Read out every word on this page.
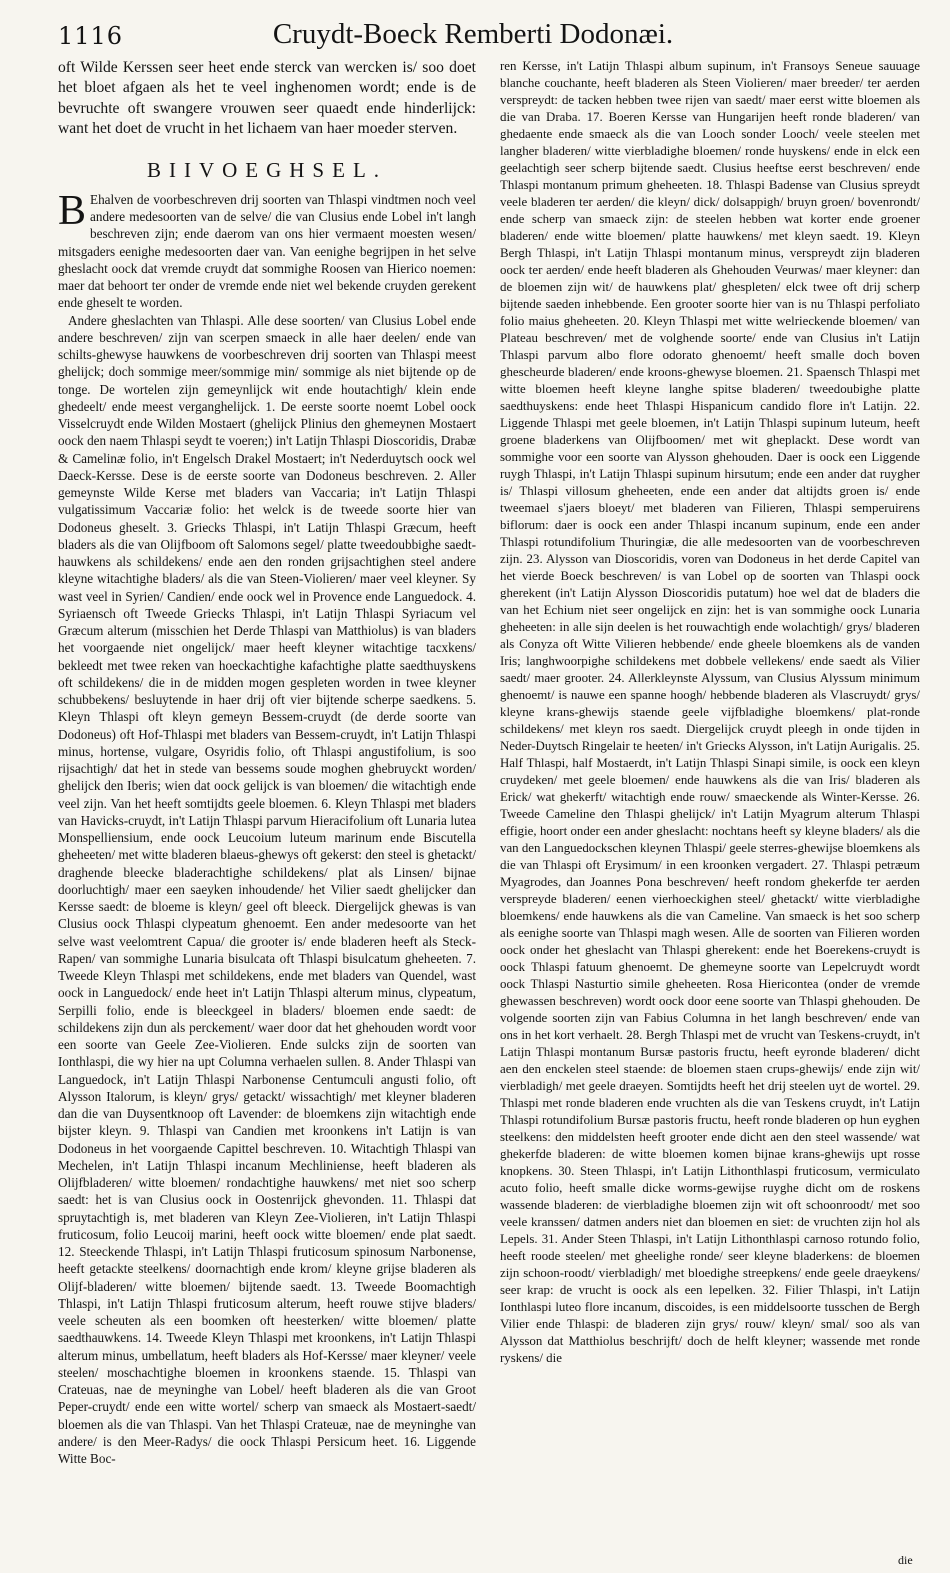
1116	Cruydt-Boeck Remberti Dodonæi.

oft Wilde Kerssen seer heet ende sterck van wercken is/ soo doet het bloet afgaen als het te veel inghenomen wordt; ende is de bevruchte oft swangere vrouwen seer quaedt ende hinderlijck: want het doet de vrucht in het lichaem van haer moeder sterven.

BIIVOEGHSEL.

B Ehalven de voorbeschreven drij soorten van Thlaspi vindtmen noch veel andere medesoorten van de selve/ die van Clusius ende Lobel in't langh beschreven zijn; ende daerom van ons hier vermaent moesten wesen/ mitsgaders eenighe medesoorten daer van. Van eenighe begrijpen in het selve gheslacht oock dat vremde cruydt dat sommighe Roosen van Hierico noemen: maer dat behoort ter onder de vremde ende niet wel bekende cruyden gerekent ende gheselt te worden.

Andere gheslachten van Thlaspi. Alle dese soorten/ van Clusius Lobel ende andere beschreven/ zijn van scerpen smaeck in alle haer deelen/ ende van schilts-ghewyse hauwkens de voorbeschreven drij soorten van Thlaspi meest ghelijck; doch sommige meer/sommige min/ sommige als niet bijtende op de tonge. De wortelen zijn gemeynlijck wit ende houtachtigh/ klein ende ghedeelt/ ende meest verganghelijck. 1. De eerste soorte noemt Lobel oock Visselcruydt ende Wilden Mostaert (ghelijck Plinius den ghemeynen Mostaert oock den naem Thlaspi seydt te voeren;) in't Latijn Thlaspi Dioscoridis, Drabæ & Camelinæ folio, in't Engelsch Drakel Mostaert; in't Nederduytsch oock wel Daeck-Kersse. Dese is de eerste soorte van Dodoneus beschreven. 2. Aller gemeynste Wilde Kerse met bladers van Vaccaria; in't Latijn Thlaspi vulgatissimum Vaccariæ folio: het welck is de tweede soorte hier van Dodoneus gheselt. 3. Griecks Thlaspi, in't Latijn Thlaspi Græcum, heeft bladers als die van Olijfboom oft Salomons segel/ platte tweedoubbighe saedt-hauwkens als schildekens/ ende aen den ronden grijsachtighen steel andere kleyne witachtighe bladers/ als die van Steen-Violieren/ maer veel kleyner. Sy wast veel in Syrien/ Candien/ ende oock wel in Provence ende Languedock. 4. Syriaensch oft Tweede Griecks Thlaspi, in't Latijn Thlaspi Syriacum vel Græcum alterum (misschien het Derde Thlaspi van Matthiolus) is van bladers het voorgaende niet ongelijck/ maer heeft kleyner witachtige tacxkens/ bekleedt met twee reken van hoeckachtighe kafachtighe platte saedthuyskens oft schildekens/ die in de midden mogen gespleten worden in twee kleyner schubbekens/ besluytende in haer drij oft vier bijtende scherpe saedkens. 5. Kleyn Thlaspi oft kleyn gemeyn Bessem-cruydt (de derde soorte van Dodoneus) oft Hof-Thlaspi met bladers van Bessem-cruydt, in't Latijn Thlaspi minus, hortense, vulgare, Osyridis folio, oft Thlaspi angustifolium, is soo rijsachtigh/ dat het in stede van bessems soude moghen ghebruyckt worden/ ghelijck den Iberis; wien dat oock gelijck is van bloemen/ die witachtigh ende veel zijn. Van het heeft somtijdts geele bloemen. 6. Kleyn Thlaspi met bladers van Havicks-cruydt, in't Latijn Thlaspi parvum Hieracifolium oft Lunaria lutea Monspelliensium, ende oock Leucoium luteum marinum ende Biscutella gheheeten/ met witte bladeren blaeus-ghewys oft gekerst: den steel is ghetackt/ draghende bleecke bladerachtighe schildekens/ plat als Linsen/ bijnae doorluchtigh/ maer een saeyken inhoudende/ het Vilier saedt ghelijcker dan Kersse saedt: de bloeme is kleyn/ geel oft bleeck. Diergelijck ghewas is van Clusius oock Thlaspi clypeatum ghenoemt. Een ander medesoorte van het selve wast veelomtrent Capua/ die grooter is/ ende bladeren heeft als Steck-Rapen/ van sommighe Lunaria bisulcata oft Thlaspi bisulcatum gheheeten. 7. Tweede Kleyn Thlaspi met schildekens, ende met bladers van Quendel, wast oock in Languedock/ ende heet in't Latijn Thlaspi alterum minus, clypeatum, Serpilli folio, ende is bleeckgeel in bladers/ bloemen ende saedt: de schildekens zijn dun als perckement/ waer door dat het ghehouden wordt voor een soorte van Geele Zee-Violieren. Ende sulcks zijn de soorten van Ionthlaspi, die wy hier na upt Columna verhaelen sullen. 8. Ander Thlaspi van Languedock, in't Latijn Thlaspi Narbonense Centumculi angusti folio, oft Alysson Italorum, is kleyn/ grys/ getackt/ wissachtigh/ met kleyner bladeren dan die van Duysentknoop oft Lavender: de bloemkens zijn witachtigh ende bijster kleyn. 9. Thlaspi van Candien met kroonkens in't Latijn is van Dodoneus in het voorgaende Capittel beschreven. 10. Witachtigh Thlaspi van Mechelen, in't Latijn Thlaspi incanum Mechliniense, heeft bladeren als Olijfbladeren/ witte bloemen/ rondachtighe hauwkens/ met niet soo scherp saedt: het is van Clusius oock in Oostenrijck ghevonden. 11. Thlaspi dat spruytachtigh is, met bladeren van Kleyn Zee-Violieren, in't Latijn Thlaspi fruticosum, folio Leucoij marini, heeft oock witte bloemen/ ende plat saedt. 12. Steeckende Thlaspi, in't Latijn Thlaspi fruticosum spinosum Narbonense, heeft getackte steelkens/ doornachtigh ende krom/ kleyne grijse bladeren als Olijf-bladeren/ witte bloemen/ bijtende saedt. 13. Tweede Boomachtigh Thlaspi, in't Latijn Thlaspi fruticosum alterum, heeft rouwe stijve bladers/ veele scheuten als een boomken oft heesterken/ witte bloemen/ platte saedthauwkens. 14. Tweede Kleyn Thlaspi met kroonkens, in't Latijn Thlaspi alterum minus, umbellatum, heeft bladers als Hof-Kersse/ maer kleyner/ veele steelen/ moschachtighe bloemen in kroonkens staende. 15. Thlaspi van Crateuas, nae de meyninghe van Lobel/ heeft bladeren als die van Groot Peper-cruydt/ ende een witte wortel/ scherp van smaeck als Mostaert-saedt/ bloemen als die van Thlaspi. Van het Thlaspi Crateuæ, nae de meyninghe van andere/ is den Meer-Radys/ die oock Thlaspi Persicum heet. 16. Liggende Witte Boc-

ren Kersse, in't Latijn Thlaspi album supinum, in't Fransoys Seneue sauuage blanche couchante, heeft bladeren als Steen Violieren/ maer breeder/ ter aerden verspreydt: de tacken hebben twee rijen van saedt/ maer eerst witte bloemen als die van Draba. 17. Boeren Kersse van Hungarijen heeft ronde bladeren/ van ghedaente ende smaeck als die van Looch sonder Looch/ veele steelen met langher bladeren/ witte vierbladighe bloemen/ ronde huyskens/ ende in elck een geelachtigh seer scherp bijtende saedt. Clusius heeftse eerst beschreven/ ende Thlaspi montanum primum gheheeten. 18. Thlaspi Badense van Clusius spreydt veele bladeren ter aerden/ die kleyn/ dick/ dolsappigh/ bruyn groen/ bovenrondt/ ende scherp van smaeck zijn: de steelen hebben wat korter ende groener bladeren/ ende witte bloemen/ platte hauwkens/ met kleyn saedt. 19. Kleyn Bergh Thlaspi, in't Latijn Thlaspi montanum minus, verspreydt zijn bladeren oock ter aerden/ ende heeft bladeren als Ghehouden Veurwas/ maer kleyner: dan de bloemen zijn wit/ de hauwkens plat/ ghespleten/ elck twee oft drij scherp bijtende saeden inhebbende. Een grooter soorte hier van is nu Thlaspi perfoliato folio maius gheheeten. 20. Kleyn Thlaspi met witte welrieckende bloemen/ van Plateau beschreven/ met de volghende soorte/ ende van Clusius in't Latijn Thlaspi parvum albo flore odorato ghenoemt/ heeft smalle doch boven ghescheurde bladeren/ ende kroons-ghewyse bloemen. 21. Spaensch Thlaspi met witte bloemen heeft kleyne langhe spitse bladeren/ tweedoubighe platte saedthuyskens: ende heet Thlaspi Hispanicum candido flore in't Latijn. 22. Liggende Thlaspi met geele bloemen, in't Latijn Thlaspi supinum luteum, heeft groene bladerkens van Olijfboomen/ met wit gheplackt. Dese wordt van sommighe voor een soorte van Alysson ghehouden. Daer is oock een Liggende ruygh Thlaspi, in't Latijn Thlaspi supinum hirsutum; ende een ander dat ruygher is/ Thlaspi villosum gheheeten, ende een ander dat altijdts groen is/ ende tweemael s'jaers bloeyt/ met bladeren van Filieren, Thlaspi semperuirens biflorum: daer is oock een ander Thlaspi incanum supinum, ende een ander Thlaspi rotundifolium Thuringiæ, die alle medesoorten van de voorbeschreven zijn. 23. Alysson van Dioscoridis, voren van Dodoneus in het derde Capitel van het vierde Boeck beschreven/ is van Lobel op de soorten van Thlaspi oock gherekent (in't Latijn Alysson Dioscoridis putatum) hoe wel dat de bladers die van het Echium niet seer ongelijck en zijn: het is van sommighe oock Lunaria gheheeten: in alle sijn deelen is het rouwachtigh ende wolachtigh/ grys/ bladeren als Conyza oft Witte Vilieren hebbende/ ende gheele bloemkens als de vanden Iris; langhwoorpighe schildekens met dobbele vellekens/ ende saedt als Vilier saedt/ maer grooter. 24. Allerkleynste Alyssum, van Clusius Alyssum minimum ghenoemt/ is nauwe een spanne hoogh/ hebbende bladeren als Vlascruydt/ grys/ kleyne krans-ghewijs staende geele vijfbladighe bloemkens/ plat-ronde schildekens/ met kleyn ros saedt. Diergelijck cruydt pleegh in onde tijden in Neder-Duytsch Ringelair te heeten/ in't Griecks Alysson, in't Latijn Aurigalis. 25. Half Thlaspi, half Mostaerdt, in't Latijn Thlaspi Sinapi simile, is oock een kleyn cruydeken/ met geele bloemen/ ende hauwkens als die van Iris/ bladeren als Erick/ wat ghekerft/ witachtigh ende rouw/ smaeckende als Winter-Kersse. 26. Tweede Cameline den Thlaspi ghelijck/ in't Latijn Myagrum alterum Thlaspi effigie, hoort onder een ander gheslacht: nochtans heeft sy kleyne bladers/ als die van den Languedockschen kleynen Thlaspi/ geele sterres-ghewijse bloemkens als die van Thlaspi oft Erysimum/ in een kroonken vergadert. 27. Thlaspi petræum Myagrodes, dan Joannes Pona beschreven/ heeft rondom ghekerfde ter aerden verspreyde bladeren/ eenen vierhoeckighen steel/ ghetackt/ witte vierbladighe bloemkens/ ende hauwkens als die van Cameline. Van smaeck is het soo scherp als eenighe soorte van Thlaspi magh wesen. Alle de soorten van Filieren worden oock onder het gheslacht van Thlaspi gherekent: ende het Boerekens-cruydt is oock Thlaspi fatuum ghenoemt. De ghemeyne soorte van Lepelcruydt wordt oock Thlaspi Nasturtio simile gheheeten. Rosa Hiericontea (onder de vremde ghewassen beschreven) wordt oock door eene soorte van Thlaspi ghehouden. De volgende soorten zijn van Fabius Columna in het langh beschreven/ ende van ons in het kort verhaelt. 28. Bergh Thlaspi met de vrucht van Teskens-cruydt, in't Latijn Thlaspi montanum Bursæ pastoris fructu, heeft eyronde bladeren/ dicht aen den enckelen steel staende: de bloemen staen crups-ghewijs/ ende zijn wit/ vierbladigh/ met geele draeyen. Somtijdts heeft het drij steelen uyt de wortel. 29. Thlaspi met ronde bladeren ende vruchten als die van Teskens cruydt, in't Latijn Thlaspi rotundifolium Bursæ pastoris fructu, heeft ronde bladeren op hun eyghen steelkens: den middelsten heeft grooter ende dicht aen den steel wassende/ wat ghekerfde bladeren: de witte bloemen komen bijnae krans-ghewijs upt rosse knopkens. 30. Steen Thlaspi, in't Latijn Lithonthlaspi fruticosum, vermiculato acuto folio, heeft smalle dicke worms-gewijse ruyghe dicht om de roskens wassende bladeren: de vierbladighe bloemen zijn wit oft schoonroodt/ met soo veele kranssen/ datmen anders niet dan bloemen en siet: de vruchten zijn hol als Lepels. 31. Ander Steen Thlaspi, in't Latijn Lithonthlaspi carnoso rotundo folio, heeft roode steelen/ met gheelighe ronde/ seer kleyne bladerkens: de bloemen zijn schoon-roodt/ vierbladigh/ met bloedighe streepkens/ ende geele draeykens/ seer krap: de vrucht is oock als een lepelken. 32. Filier Thlaspi, in't Latijn Ionthlaspi luteo flore incanum, discoides, is een middelsoorte tusschen de Bergh Vilier ende Thlaspi: de bladeren zijn grys/ rouw/ kleyn/ smal/ soo als van Alysson dat Matthiolus beschrijft/ doch de helft kleyner; wassende met ronde ryskens/ die

die
